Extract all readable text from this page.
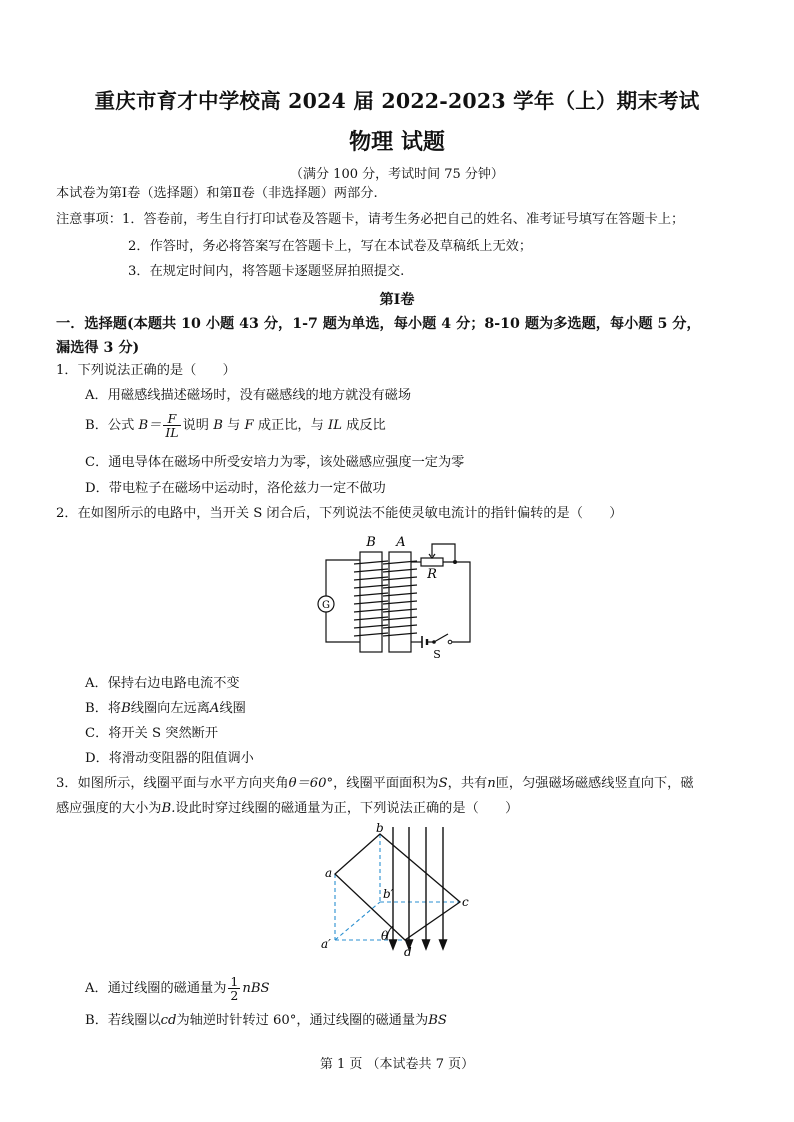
重庆市育才中学校高 2024 届 2022-2023 学年（上）期末考试
物理 试题
（满分 100 分，考试时间 75 分钟）
本试卷为第Ⅰ卷（选择题）和第Ⅱ卷（非选择题）两部分.
注意事项：1．答卷前，考生自行打印试卷及答题卡，请考生务必把自己的姓名、准考证号填写在答题卡上；
2．作答时，务必将答案写在答题卡上，写在本试卷及草稿纸上无效；
3．在规定时间内，将答题卡逐题竖屏拍照提交.
第Ⅰ卷
一．选择题(本题共 10 小题 43 分，1-7 题为单选，每小题 4 分；8-10 题为多选题，每小题 5 分，
漏选得 3 分)
1．下列说法正确的是（　　）
A．用磁感线描述磁场时，没有磁感线的地方就没有磁场
B．公式 $B= \frac{F}{IL}$ 说明 B 与 F 成正比，与 IL 成反比
C．通电导体在磁场中所受安培力为零，该处磁感应强度一定为零
D．带电粒子在磁场中运动时，洛伦兹力一定不做功
2．在如图所示的电路中，当开关 S 闭合后，下列说法不能使灵敏电流计的指针偏转的是（　　）
B A
R
G
S
A．保持右边电路电流不变
B．将B线圈向左远离A线圈
C．将开关 S 突然断开
D．将滑动变阻器的阻值调小
3．如图所示，线圈平面与水平方向夹角θ＝60°，线圈平面面积为S，共有n匝，匀强磁场磁感线竖直向下，磁
感应强度的大小为B.设此时穿过线圈的磁通量为正，下列说法正确的是（　　）
b
a
c
d
a′
b′
θ
A．通过线圈的磁通量为 $\frac{1}{2}$ nBS
B．若线圈以cd为轴逆时针转过 60°，通过线圈的磁通量为BS
第 1 页 （本试卷共 7 页）
